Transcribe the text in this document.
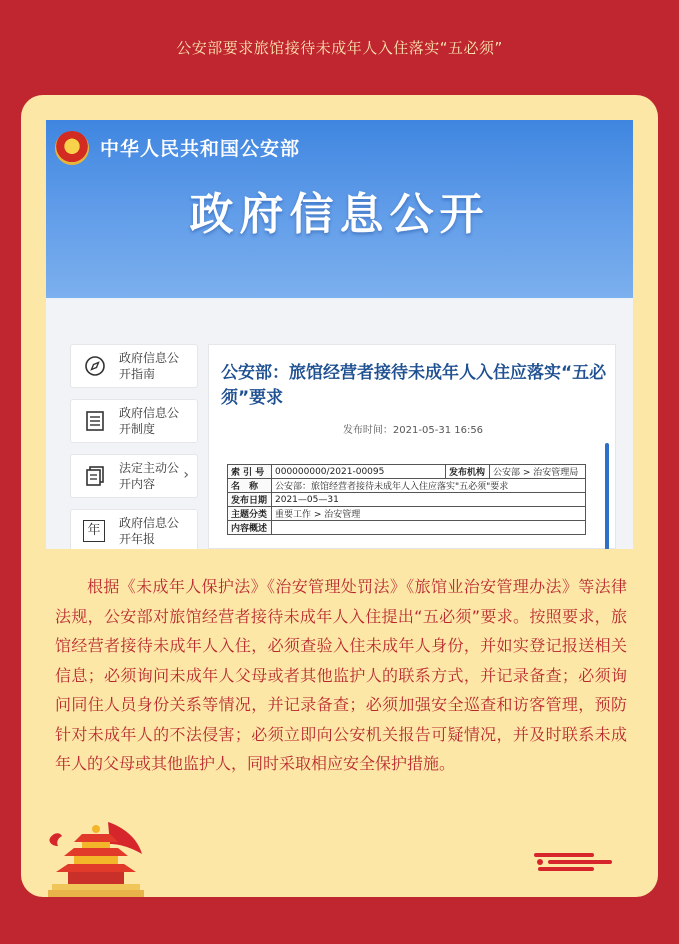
公安部要求旅馆接待未成年人入住落实“五必须”
中华人民共和国公安部
政府信息公开
政府信息公开指南
政府信息公开制度
法定主动公开内容
›
年	政府信息公开年报
公安部：旅馆经营者接待未成年人入住应落实“五必须”要求
发布时间：2021-05-31 16:56
索 引 号	000000000/2021-00095	发布机构	公安部 > 治安管理局
名　称	公安部：旅馆经营者接待未成年人入住应落实"五必须"要求		
发布日期	2021—05—31		
主题分类	重要工作 > 治安管理		
内容概述			

根据《未成年人保护法》《治安管理处罚法》《旅馆业治安管理办法》等法律法规，公安部对旅馆经营者接待未成年人入住提出“五必须”要求。按照要求，旅馆经营者接待未成年人入住，必须查验入住未成年人身份，并如实登记报送相关信息；必须询问未成年人父母或者其他监护人的联系方式，并记录备查；必须询问同住人员身份关系等情况，并记录备查；必须加强安全巡查和访客管理，预防针对未成年人的不法侵害；必须立即向公安机关报告可疑情况，并及时联系未成年人的父母或其他监护人，同时采取相应安全保护措施。
